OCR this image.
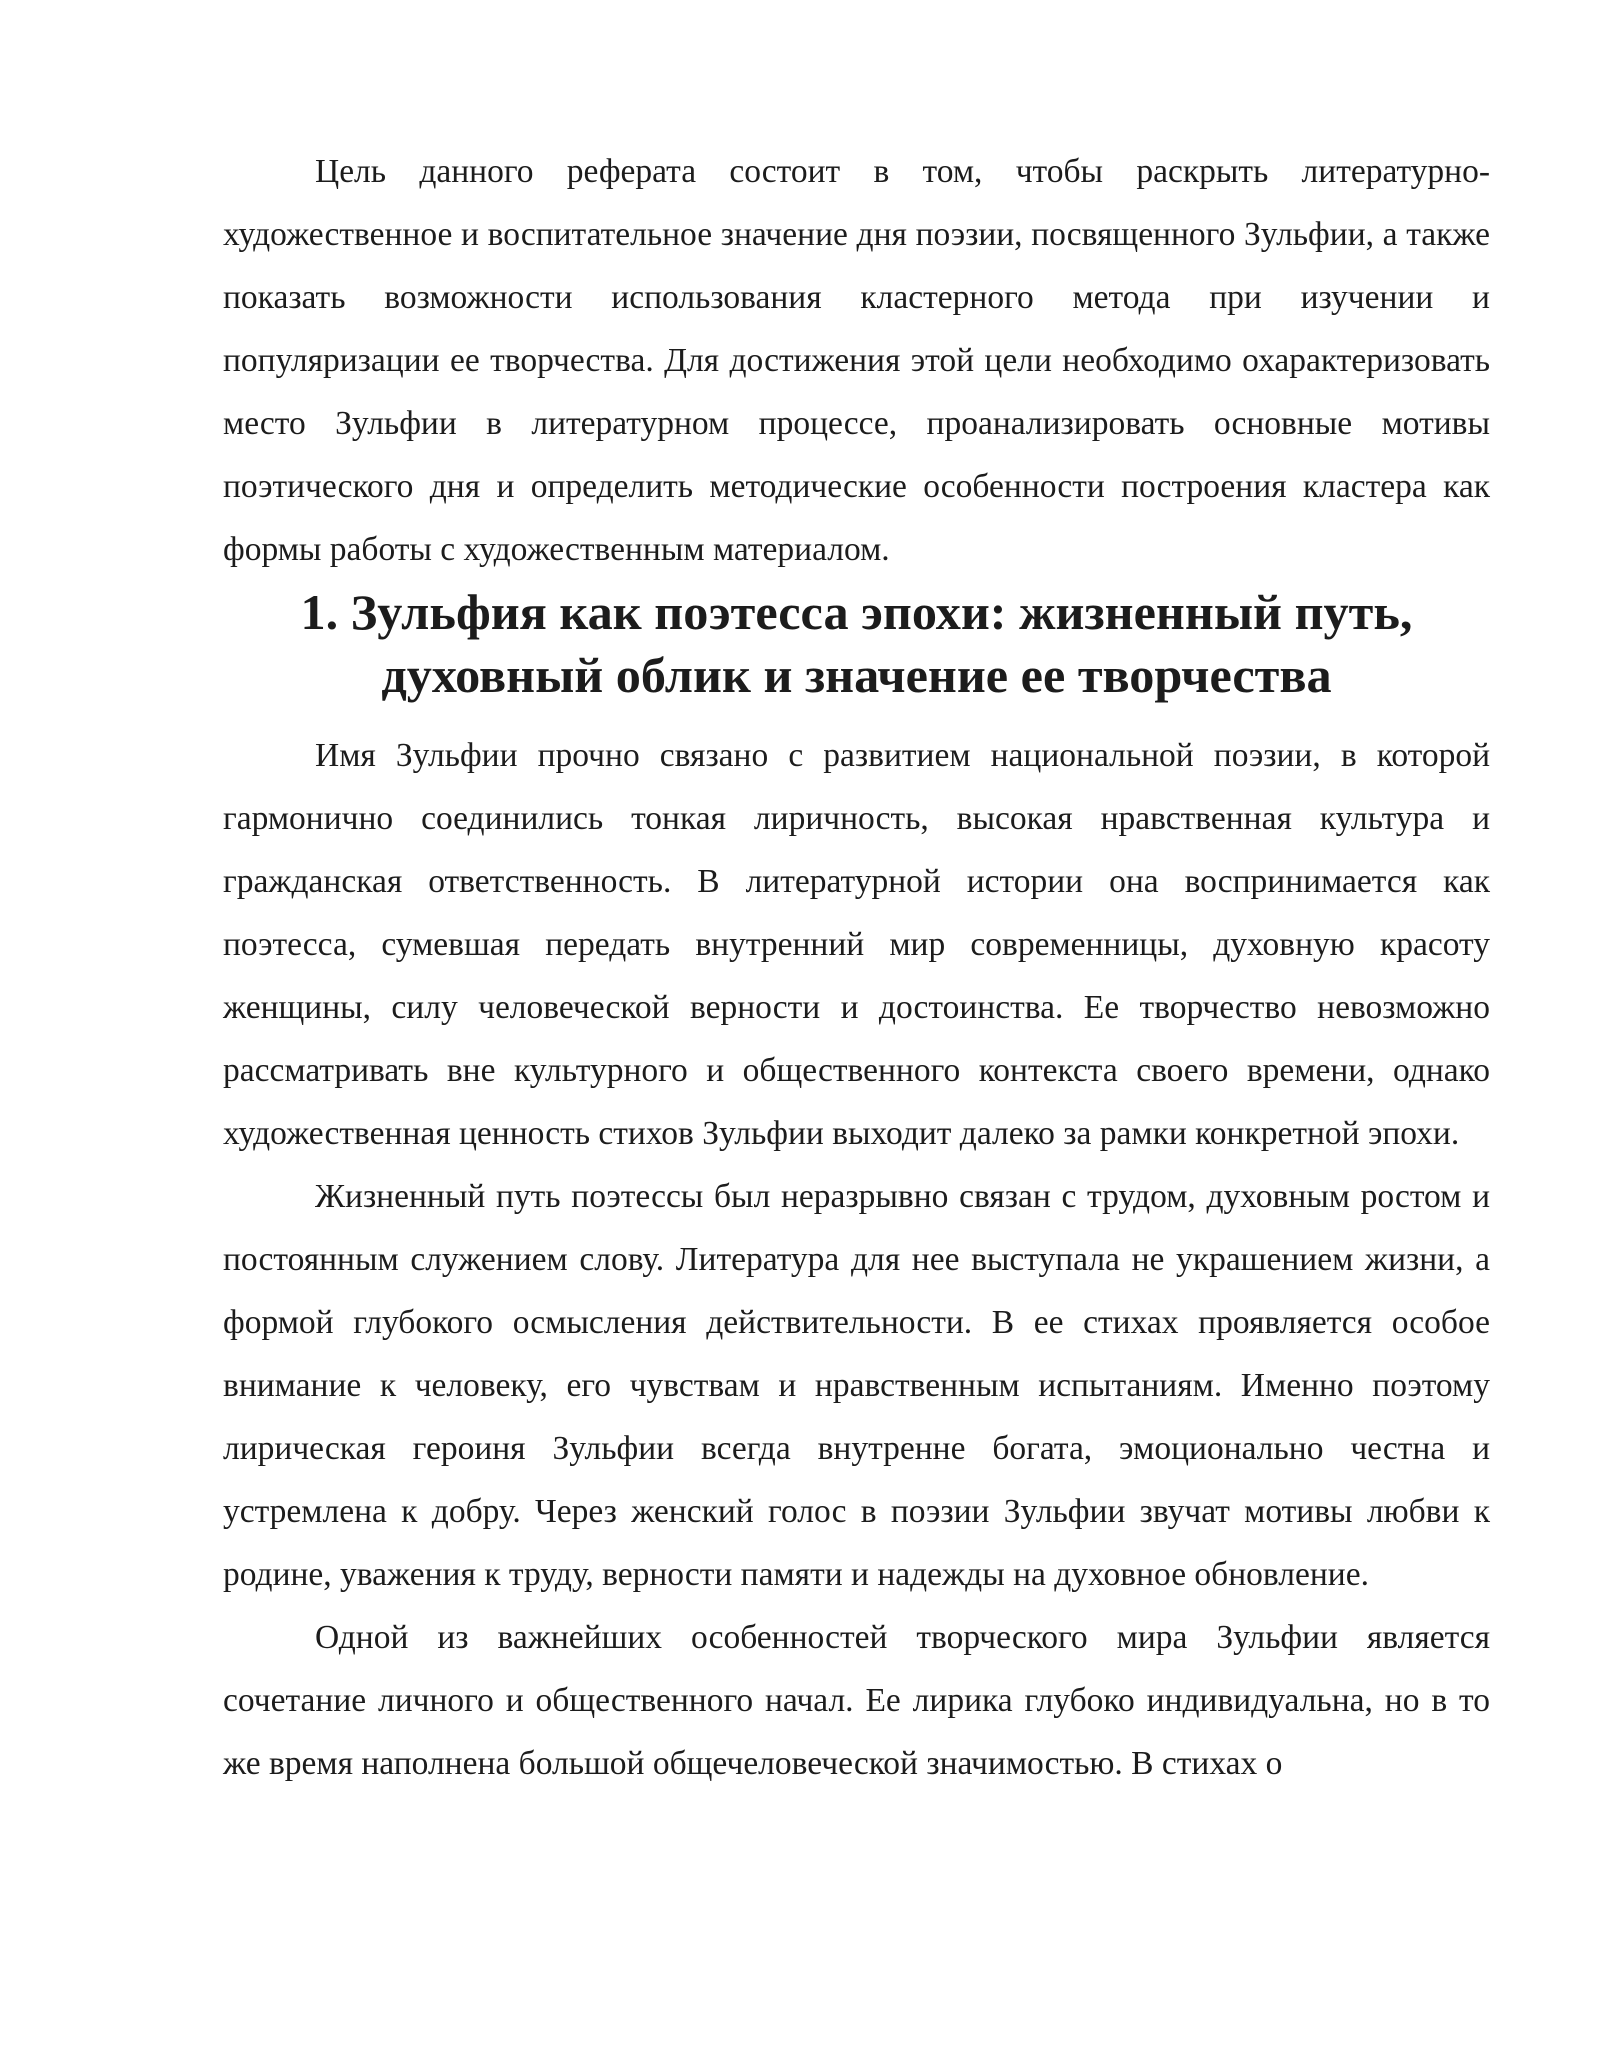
Цель данного реферата состоит в том, чтобы раскрыть литературно-художественное и воспитательное значение дня поэзии, посвященного Зульфии, а также показать возможности использования кластерного метода при изучении и популяризации ее творчества. Для достижения этой цели необходимо охарактеризовать место Зульфии в литературном процессе, проанализировать основные мотивы поэтического дня и определить методические особенности построения кластера как формы работы с художественным материалом.

1. Зульфия как поэтесса эпохи: жизненный путь, духовный облик и значение ее творчества

Имя Зульфии прочно связано с развитием национальной поэзии, в которой гармонично соединились тонкая лиричность, высокая нравственная культура и гражданская ответственность. В литературной истории она воспринимается как поэтесса, сумевшая передать внутренний мир современницы, духовную красоту женщины, силу человеческой верности и достоинства. Ее творчество невозможно рассматривать вне культурного и общественного контекста своего времени, однако художественная ценность стихов Зульфии выходит далеко за рамки конкретной эпохи.

Жизненный путь поэтессы был неразрывно связан с трудом, духовным ростом и постоянным служением слову. Литература для нее выступала не украшением жизни, а формой глубокого осмысления действительности. В ее стихах проявляется особое внимание к человеку, его чувствам и нравственным испытаниям. Именно поэтому лирическая героиня Зульфии всегда внутренне богата, эмоционально честна и устремлена к добру. Через женский голос в поэзии Зульфии звучат мотивы любви к родине, уважения к труду, верности памяти и надежды на духовное обновление.

Одной из важнейших особенностей творческого мира Зульфии является сочетание личного и общественного начал. Ее лирика глубоко индивидуальна, но в то же время наполнена большой общечеловеческой значимостью. В стихах о
